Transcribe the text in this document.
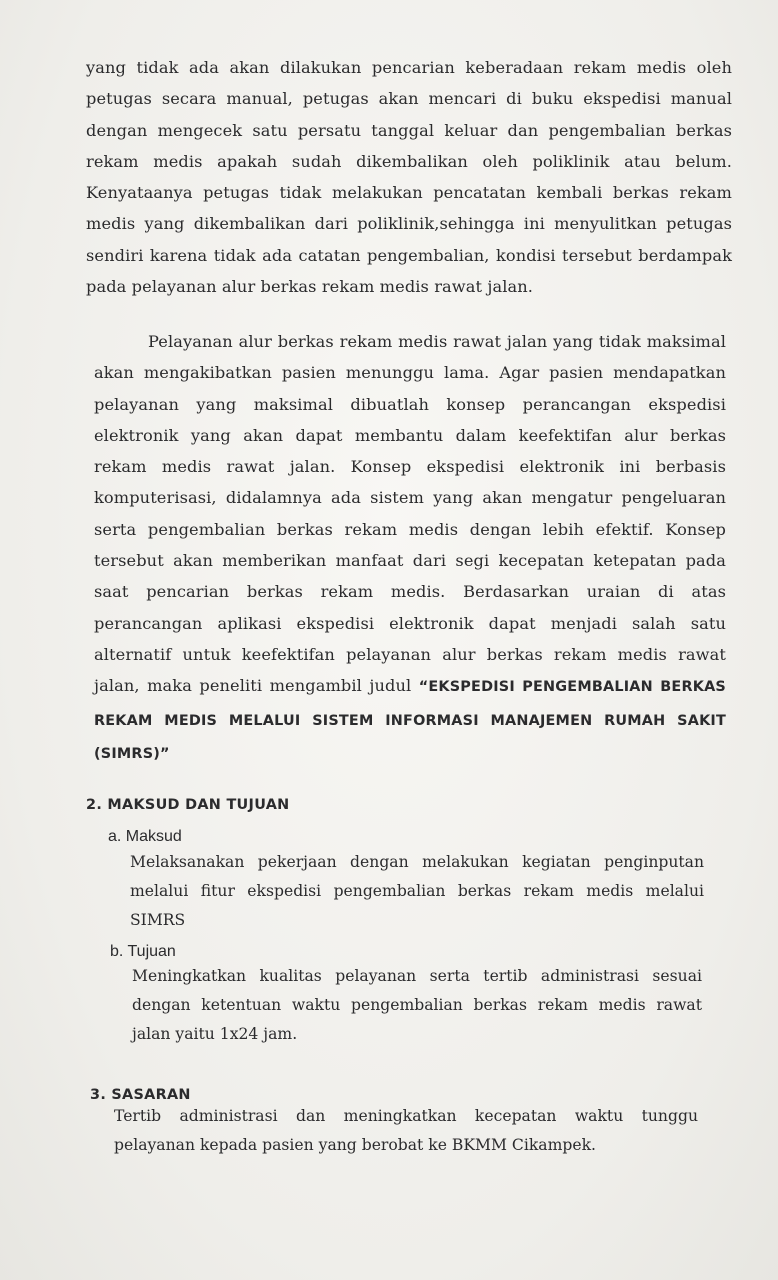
yang tidak ada akan dilakukan pencarian keberadaan rekam medis oleh petugas secara manual, petugas akan mencari di buku ekspedisi manual dengan mengecek satu persatu tanggal keluar dan pengembalian berkas rekam medis apakah sudah dikembalikan oleh poliklinik atau belum. Kenyataanya petugas tidak melakukan pencatatan kembali berkas rekam medis yang dikembalikan dari poliklinik,sehingga ini menyulitkan petugas sendiri karena tidak ada catatan pengembalian, kondisi tersebut berdampak pada pelayanan alur berkas rekam medis rawat jalan.

Pelayanan alur berkas rekam medis rawat jalan yang tidak maksimal akan mengakibatkan pasien menunggu lama. Agar pasien mendapatkan pelayanan yang maksimal dibuatlah konsep perancangan ekspedisi elektronik yang akan dapat membantu dalam keefektifan alur berkas rekam medis rawat jalan. Konsep ekspedisi elektronik ini berbasis komputerisasi, didalamnya ada sistem yang akan mengatur pengeluaran serta pengembalian berkas rekam medis dengan lebih efektif. Konsep tersebut akan memberikan manfaat dari segi kecepatan ketepatan pada saat pencarian berkas rekam medis. Berdasarkan uraian di atas perancangan aplikasi ekspedisi elektronik dapat menjadi salah satu alternatif untuk keefektifan pelayanan alur berkas rekam medis rawat jalan, maka peneliti mengambil judul “EKSPEDISI PENGEMBALIAN BERKAS REKAM MEDIS MELALUI SISTEM INFORMASI MANAJEMEN RUMAH SAKIT (SIMRS)”

2. MAKSUD DAN TUJUAN

a. Maksud

Melaksanakan pekerjaan dengan melakukan kegiatan penginputan melalui fitur ekspedisi pengembalian berkas rekam medis melalui SIMRS

b. Tujuan

Meningkatkan kualitas pelayanan serta tertib administrasi sesuai dengan ketentuan waktu pengembalian berkas rekam medis rawat jalan yaitu 1x24 jam.

3. SASARAN

Tertib administrasi dan meningkatkan kecepatan waktu tunggu pelayanan kepada pasien yang berobat ke BKMM Cikampek.
